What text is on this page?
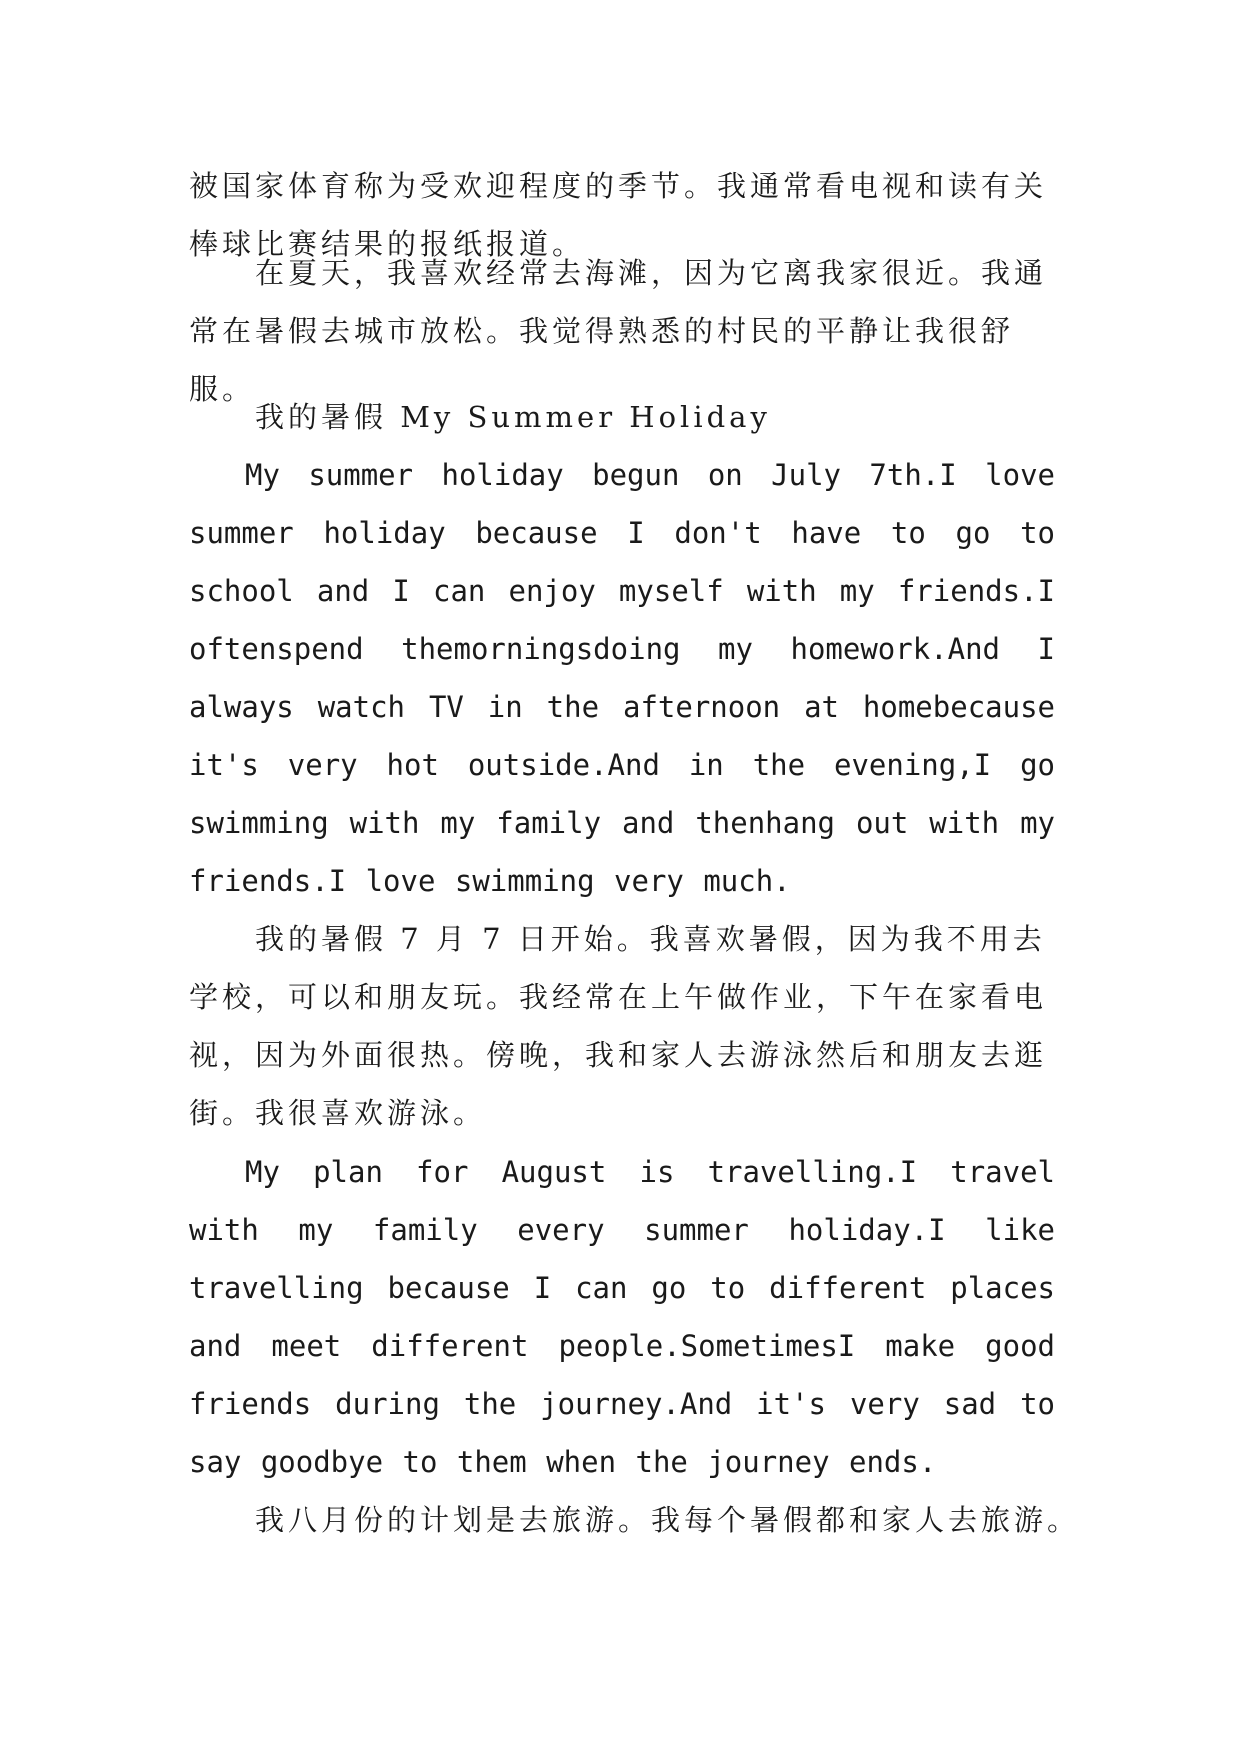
被国家体育称为受欢迎程度的季节。我通常看电视和读有关棒球比赛结果的报纸报道。

在夏天，我喜欢经常去海滩，因为它离我家很近。我通常在暑假去城市放松。我觉得熟悉的村民的平静让我很舒服。

我的暑假 My Summer Holiday

My summer holiday begun on July 7th.I love summer holiday because I don't have to go to school and I can enjoy myself with my friends.I oftenspend themorningsdoing my homework.And I always watch TV in the afternoon at homebecause it's very hot outside.And in the evening,I go swimming with my family and thenhang out with my friends.I love swimming very much.

我的暑假 7 月 7 日开始。我喜欢暑假，因为我不用去学校，可以和朋友玩。我经常在上午做作业，下午在家看电视，因为外面很热。傍晚，我和家人去游泳然后和朋友去逛街。我很喜欢游泳。

My plan for August is travelling.I travel with my family every summer holiday.I like travelling because I can go to different places and meet different people.SometimesI make good friends during the journey.And it's very sad to say goodbye to them when the journey ends.

我八月份的计划是去旅游。我每个暑假都和家人去旅游。
